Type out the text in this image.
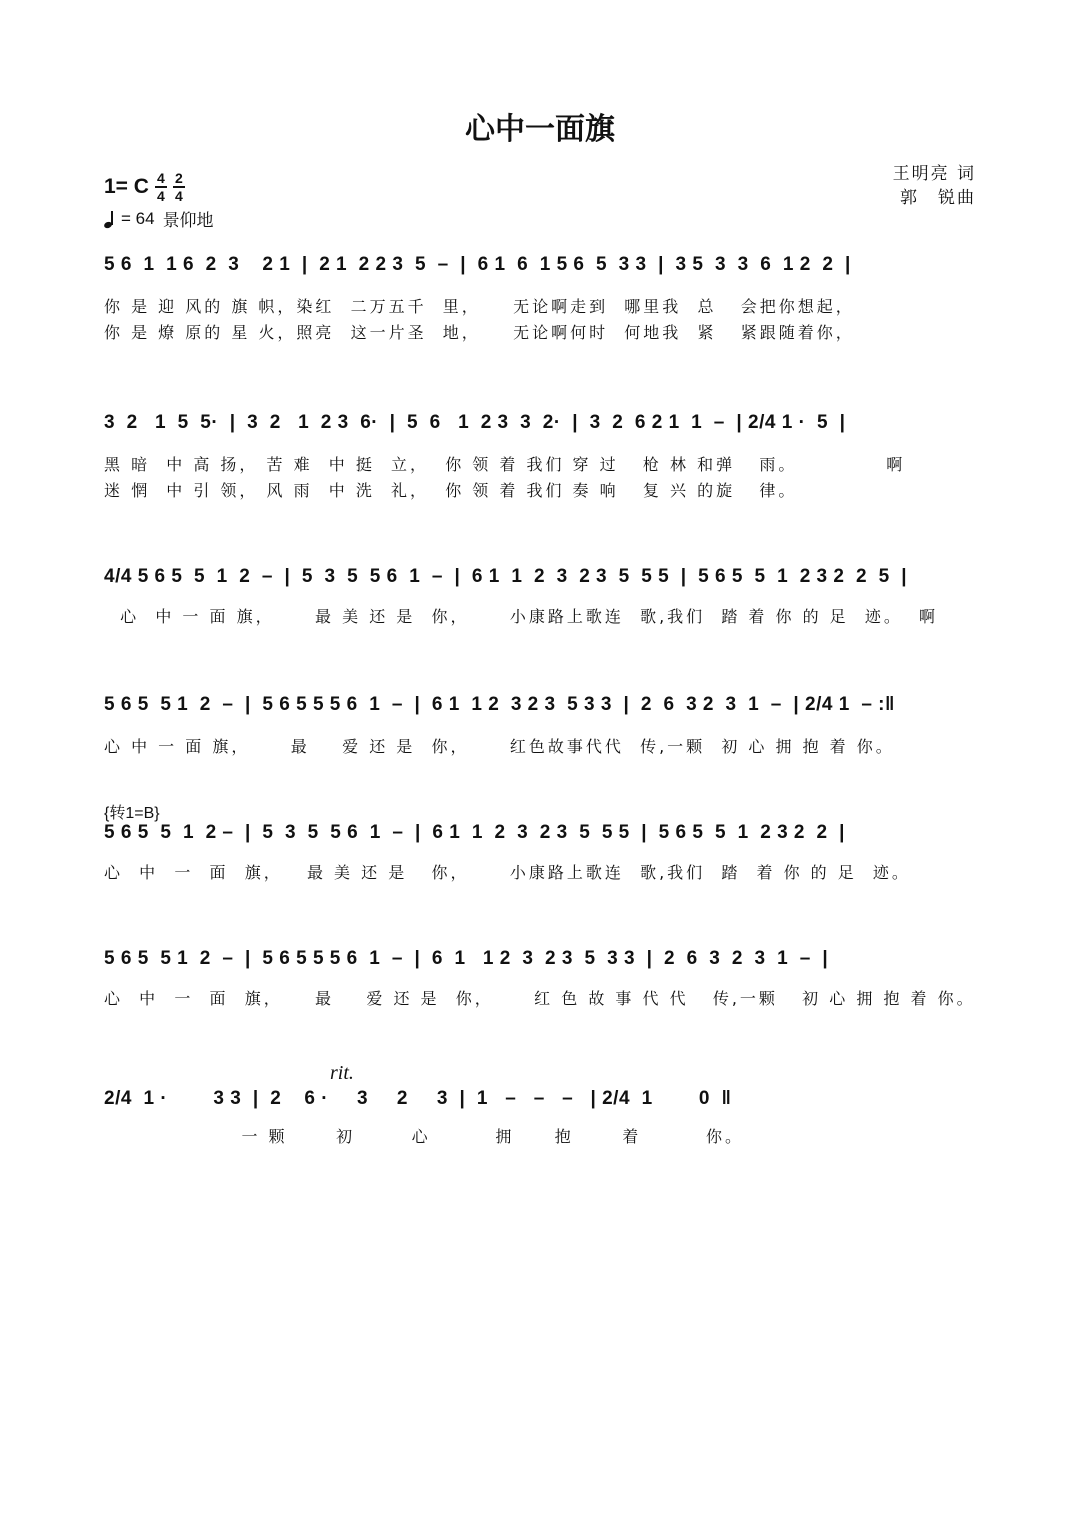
心中一面旗
王明亮 词
郭　锐曲
1= C $\frac{4}{4} \frac{2}{4}$
= 64 景仰地
5 6  1  1 6  2  3    2 1  |  2 1  2 2 3  5  –  |  6 1  6  1 5 6  5  3 3  |  3 5  3  3  6  1 2  2  |
你 是 迎 风的 旗 帜，染红  二万五千  里，    无论啊走到  哪里我  总   会把你想起，
你 是 燎 原的 星 火，照亮  这一片圣  地，    无论啊何时  何地我  紧   紧跟随着你，
3  2   1  5  5·  |  3  2   1  2 3  6·  |  5  6   1  2 3  3  2·  |  3  2  6 2 1  1  –  | 2/4 1 ·  5  |
黑 暗  中 高 扬， 苦 难  中 挺  立，  你 领 着 我们 穿 过   枪 林 和弹   雨。           啊
迷 惘  中 引 领， 风 雨  中 洗  礼，  你 领 着 我们 奏 响   复 兴 的旋   律。
4/4 5 6 5  5  1  2  –  |  5  3  5  5 6  1  –  |  6 1  1  2  3  2 3  5  5 5  |  5 6 5  5  1  2 3 2  2  5  |
心  中 一 面 旗，     最 美 还 是  你，     小康路上歌连  歌,我们  踏 着 你 的 足  迹。  啊
5 6 5  5 1  2  –  |  5 6 5 5 5 6  1  –  |  6 1  1 2  3 2 3  5 3 3  |  2  6  3 2  3  1  –  | 2/4 1  – :‖
心 中 一 面 旗，     最    爱 还 是  你，     红色故事代代  传,一颗  初 心 拥 抱 着 你。
{转1=B}
5 6 5  5  1  2 –  |  5  3  5  5 6  1  –  |  6 1  1  2  3  2 3  5  5 5  |  5 6 5  5  1  2 3 2  2  |
心  中  一  面  旗，   最 美 还 是   你，     小康路上歌连  歌,我们  踏  着 你 的 足  迹。
5 6 5  5 1  2  –  |  5 6 5 5 5 6  1  –  |  6  1   1 2  3  2 3  5  3 3  |  2  6  3  2  3  1  –  |
心  中  一  面  旗，    最    爱 还 是  你，     红 色 故 事 代 代   传,一颗   初 心 拥 抱 着 你。
rit.
2/4  1 ·        3 3  |  2    6 ·     3     2     3  |  1   –   –   –   | 2/4  1        0  ‖
一 颗      初       心        拥     抱      着        你。
